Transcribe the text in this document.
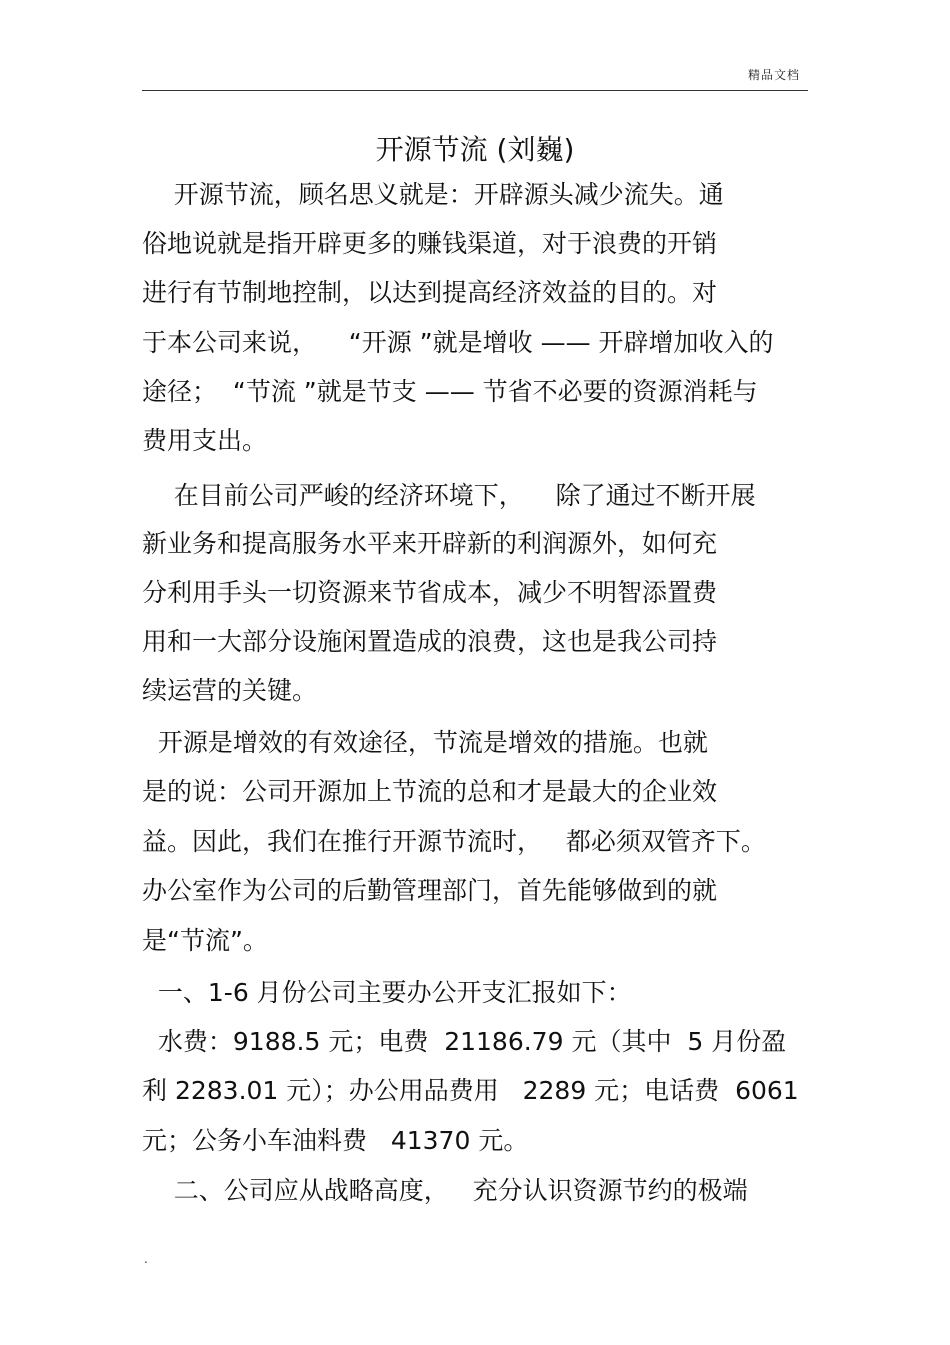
精品文档
开源节流 (刘巍)
开源节流，顾名思义就是：开辟源头减少流失。通
俗地说就是指开辟更多的赚钱渠道，对于浪费的开销
进行有节制地控制，以达到提高经济效益的目的。对
于本公司来说，    “开源 ”就是增收 —— 开辟增加收入的
途径；  “节流 ”就是节支 —— 节省不必要的资源消耗与
费用支出。
在目前公司严峻的经济环境下，    除了通过不断开展
新业务和提高服务水平来开辟新的利润源外，如何充
分利用手头一切资源来节省成本，减少不明智添置费
用和一大部分设施闲置造成的浪费，这也是我公司持
续运营的关键。
开源是增效的有效途径，节流是增效的措施。也就
是的说：公司开源加上节流的总和才是最大的企业效
益。因此，我们在推行开源节流时，   都必须双管齐下。
办公室作为公司的后勤管理部门，首先能够做到的就
是“节流”。
一、1-6 月份公司主要办公开支汇报如下：
水费：9188.5 元；电费  21186.79 元（其中  5 月份盈
利 2283.01 元）；办公用品费用   2289 元；电话费  6061
元；公务小车油料费   41370 元。
二、公司应从战略高度，   充分认识资源节约的极端
.
